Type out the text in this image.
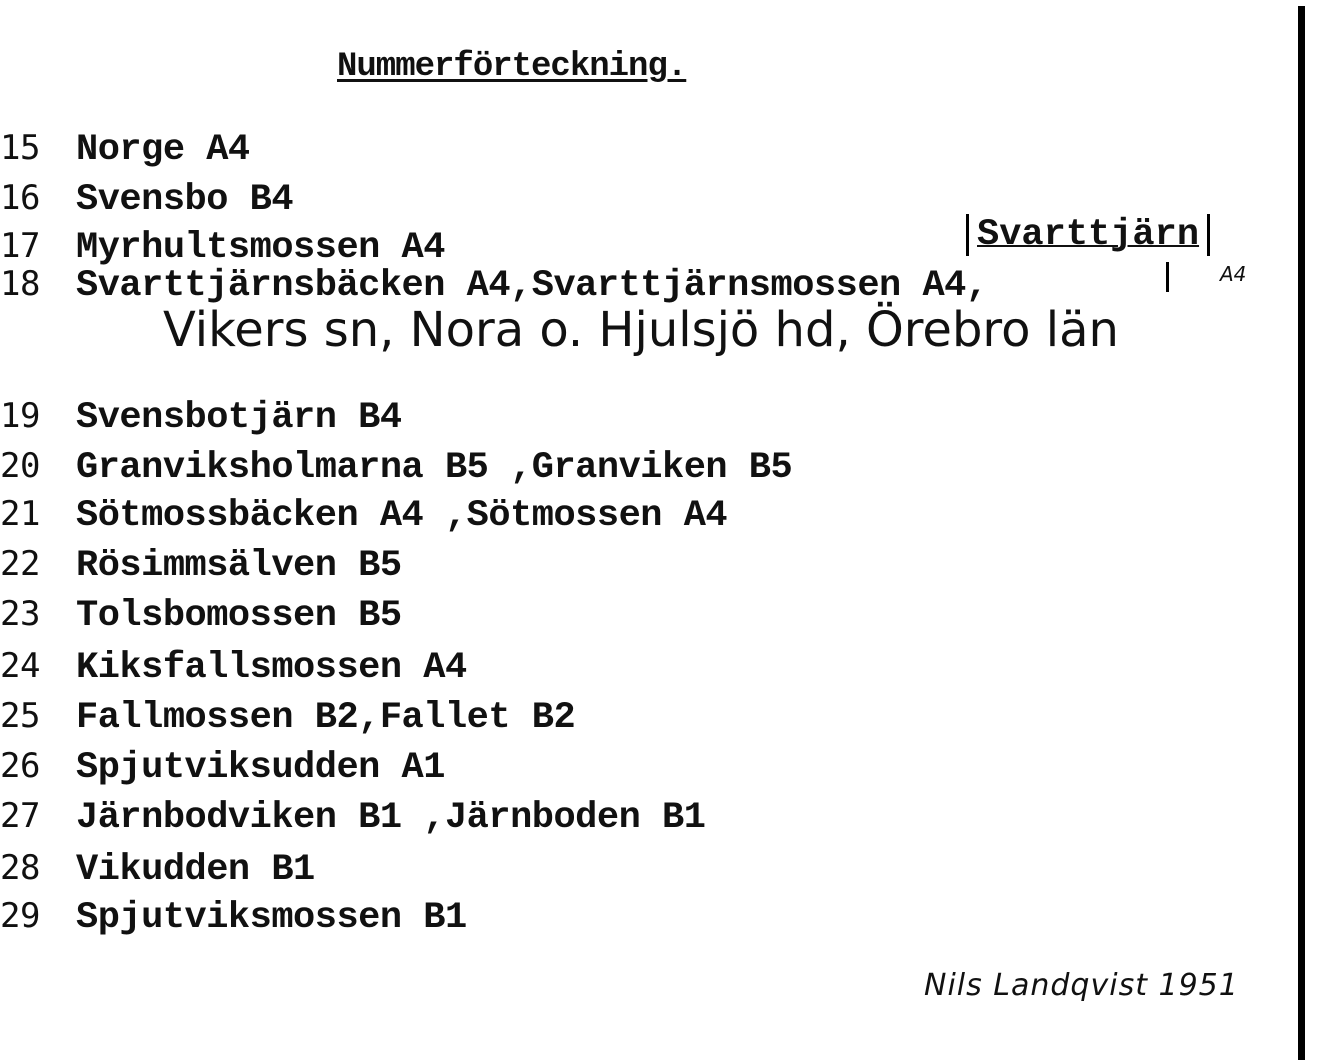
Nummerförteckning.
15 Norge A4
16 Svensbo B4
17 Myrhultsmossen A4
18 Svarttjärnsbäcken A4,Svarttjärnsmossen A4,
Svarttjärn
A4
Vikers sn, Nora o. Hjulsjö hd, Örebro län
19 Svensbotjärn B4
20 Granviksholmarna B5 ,Granviken B5
21 Sötmossbäcken A4 ,Sötmossen A4
22 Rösimmsälven B5
23 Tolsbomossen B5
24 Kiksfallsmossen A4
25 Fallmossen B2,Fallet B2
26 Spjutviksudden A1
27 Järnbodviken B1 ,Järnboden B1
28 Vikudden B1
29 Spjutviksmossen B1
Nils Landqvist 1951
